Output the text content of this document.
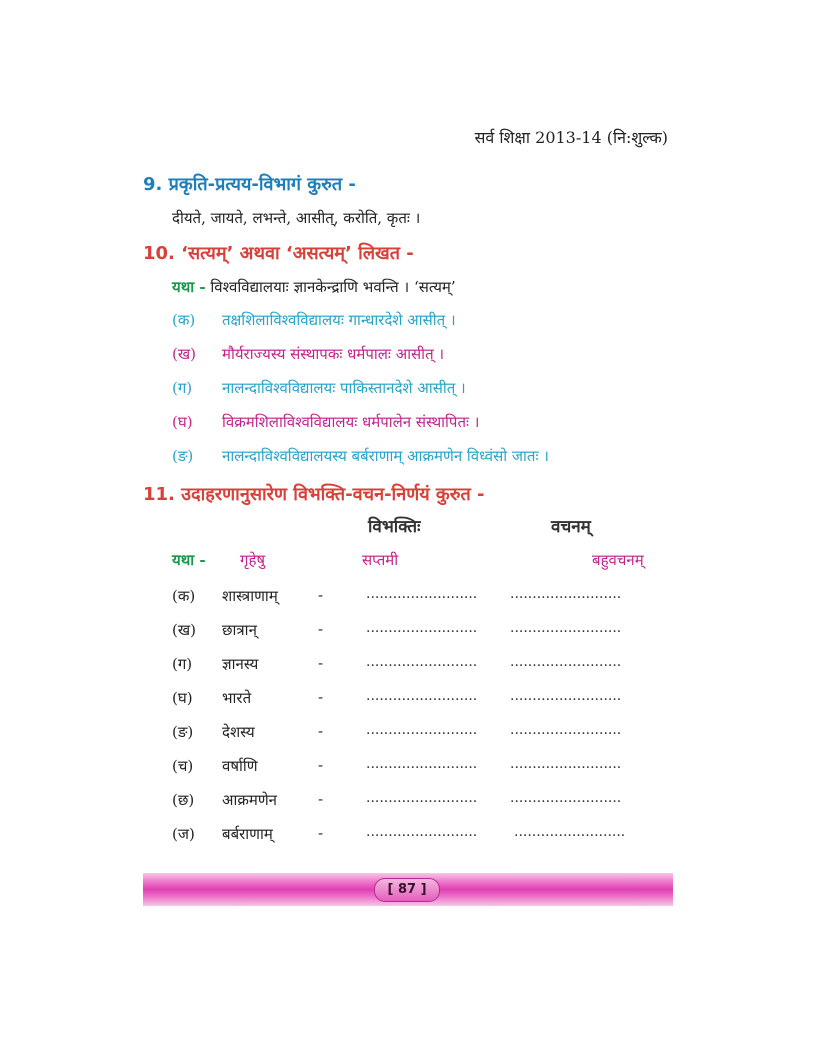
सर्व शिक्षा 2013-14 (नि:शुल्क)
9. प्रकृति-प्रत्यय-विभागं कुरुत -
दीयते, जायते, लभन्ते, आसीत्, करोति, कृतः ।
10. ‘सत्यम्’ अथवा ‘असत्यम्’ लिखत -
यथा - विश्वविद्यालयाः ज्ञानकेन्द्राणि भवन्ति । ‘सत्यम्’
(क) तक्षशिलाविश्वविद्यालयः गान्धारदेशे आसीत् ।
(ख) मौर्यराज्यस्य संस्थापकः धर्मपालः आसीत् ।
(ग) नालन्दाविश्वविद्यालयः पाकिस्तानदेशे आसीत् ।
(घ) विक्रमशिलाविश्वविद्यालयः धर्मपालेन संस्थापितः ।
(ङ) नालन्दाविश्वविद्यालयस्य बर्बराणाम् आक्रमणेन विध्वंसो जातः ।
11. उदाहरणानुसारेण विभक्ति-वचन-निर्णयं कुरुत -
विभक्तिः	वचनम्
यथा - गृहेषु	सप्तमी	बहुवचनम्
(क) शास्त्राणाम्	-	......................... .........................
(ख) छात्रान्	-	......................... .........................
(ग) ज्ञानस्य	-	......................... .........................
(घ) भारते	-	......................... .........................
(ङ) देशस्य	-	......................... .........................
(च) वर्षाणि	-	......................... .........................
(छ) आक्रमणेन	-	......................... .........................
(ज) बर्बराणाम्	-	.........................	.........................
[ 87 ]
